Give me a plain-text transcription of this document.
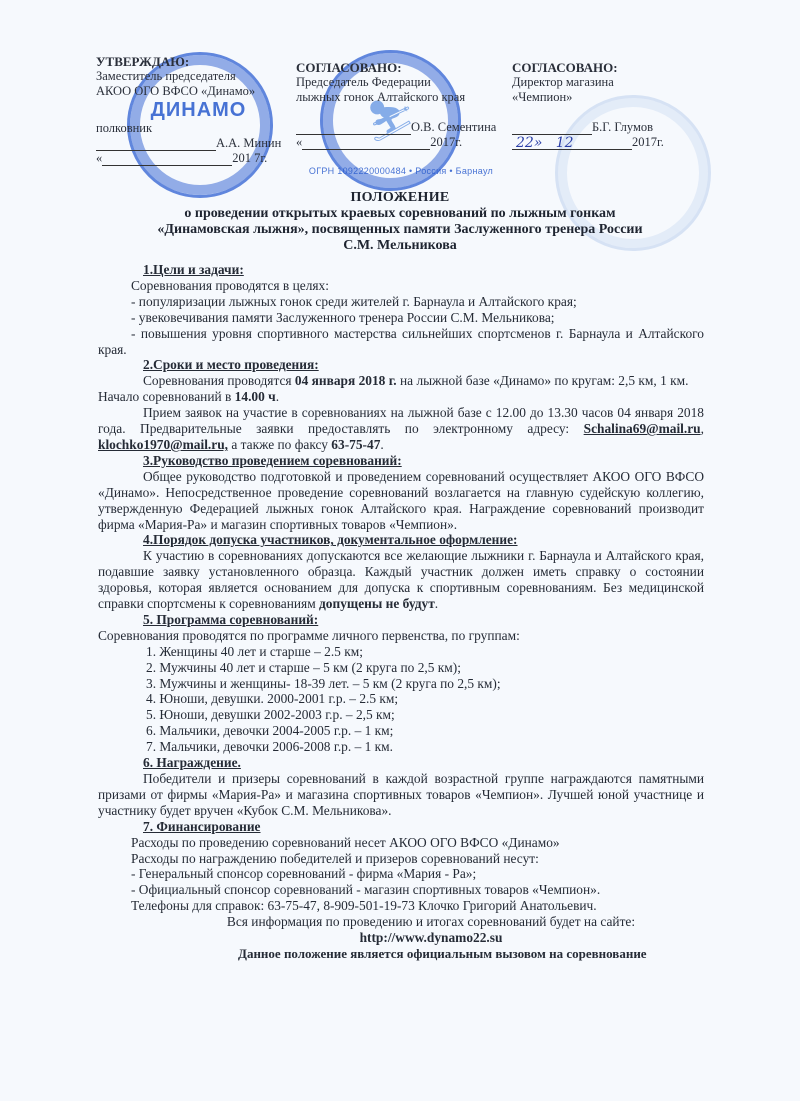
⛷
ДИНАМО
ОГРН 1092220000484 • Россия • Барнаул
УТВЕРЖДАЮ:
Заместитель председателя
АКОО ОГО ВФСО «Динамо»
полковник
А.А. Минин
«	201 7г.
СОГЛАСОВАНО:
Председатель Федерации
лыжных гонок Алтайского края
О.В. Сементина
«	2017г.
СОГЛАСОВАНО:
Директор магазина
«Чемпион»
Б.Г. Глумов
22»   12	2017г.
ПОЛОЖЕНИЕ
о проведении открытых краевых соревнований по лыжным гонкам
«Динамовская лыжня», посвященных памяти Заслуженного тренера России
С.М. Мельникова

1.Цели и задачи:

Соревнования проводятся в целях:

- популяризации лыжных гонок среди жителей г. Барнаула и Алтайского края;

- увековечивания памяти Заслуженного тренера России С.М. Мельникова;

- повышения уровня спортивного мастерства сильнейших спортсменов г. Барнаула и Алтайского края.

2.Сроки и место проведения:

Соревнования проводятся 04 января 2018 г. на лыжной базе «Динамо» по кругам: 2,5 км, 1 км. Начало соревнований в 14.00 ч.

Прием заявок на участие в соревнованиях на лыжной базе с 12.00 до 13.30 часов 04 января 2018 года. Предварительные заявки предоставлять по электронному адресу: Schalina69@mail.ru, klochko1970@mail.ru, а также по факсу 63-75-47.

3.Руководство проведением соревнований:

Общее руководство подготовкой и проведением соревнований осуществляет АКОО ОГО ВФСО «Динамо». Непосредственное проведение соревнований возлагается на главную судейскую коллегию, утвержденную Федерацией лыжных гонок Алтайского края. Награждение соревнований производит фирма «Мария-Ра» и магазин спортивных товаров «Чемпион».

4.Порядок допуска участников, документальное оформление:

К участию в соревнованиях допускаются все желающие лыжники г. Барнаула и Алтайского края, подавшие заявку установленного образца. Каждый участник должен иметь справку о состоянии здоровья, которая является основанием для допуска к спортивным соревнованиям. Без медицинской справки спортсмены к соревнованиям допущены не будут.

5. Программа соревнований:

Соревнования проводятся по программе личного первенства, по группам:

1. Женщины 40 лет и старше – 2.5 км;

2. Мужчины 40 лет и старше – 5 км (2 круга по 2,5 км);

3. Мужчины и женщины- 18-39 лет. – 5 км (2 круга по 2,5 км);

4. Юноши, девушки. 2000-2001 г.р. – 2.5 км;

5. Юноши, девушки 2002-2003 г.р. – 2,5 км;

6. Мальчики, девочки 2004-2005 г.р. – 1 км;

7. Мальчики, девочки 2006-2008 г.р. – 1 км.

6. Награждение.

Победители и призеры соревнований в каждой возрастной группе награждаются памятными призами от фирмы «Мария-Ра» и магазина спортивных товаров «Чемпион». Лучшей юной участнице и участнику будет вручен «Кубок С.М. Мельникова».

7. Финансирование

Расходы по проведению соревнований несет АКОО ОГО ВФСО «Динамо»

Расходы по награждению победителей и призеров соревнований несут:

- Генеральный спонсор соревнований - фирма «Мария - Ра»;

- Официальный спонсор соревнований - магазин спортивных товаров «Чемпион».

Телефоны для справок: 63-75-47, 8-909-501-19-73 Клочко Григорий Анатольевич.

Вся информация по проведению и итогах соревнований будет на сайте:

http://www.dynamo22.su

Данное положение является официальным вызовом на соревнование
